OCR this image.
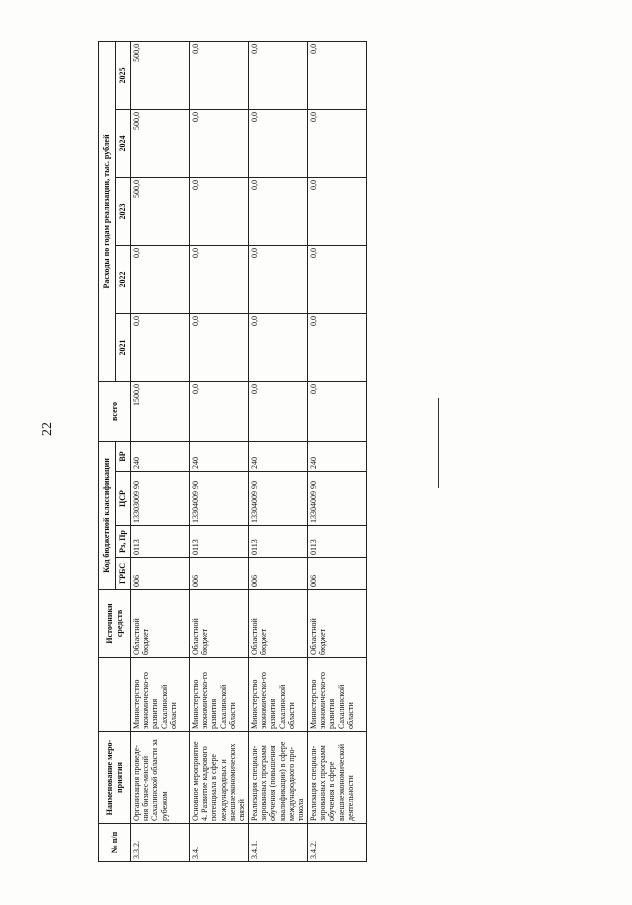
22
№ п/п	Наименование меро-приятия		Источники средств	Код бюджетной классификации				всего	Расходы по годам реализации, тыс. рублей				
				ГРБС	Рз, Пр	ЦСР	ВР		2021	2022	2023	2024	2025
3.3.2.	Организация проведе-ния бизнес-миссий Сахалинской области за рубежом	Министерство экономическо-го развития Сахалинской области	Областной бюджет	006	0113	13303009 90	240	1500,0	0,0	0,0	500,0	500,0	500,0
3.4.	Основное мероприятие 4. Развитие кадрового потенциала в сфере международных и внешнеэкономических связей	Министерство экономическо-го развития Сахалинской области	Областной бюджет	006	0113	13304009 90	240	0,0	0,0	0,0	0,0	0,0	0,0
3.4.1.	Реализация специали-зированных программ обучения (повышения квалификации) в сфере международного про-токола	Министерство экономическо-го развития Сахалинской области	Областной бюджет	006	0113	13304009 90	240	0,0	0,0	0,0	0,0	0,0	0,0
3.4.2.	Реализация специали-зированных программ обучения в сфере внешнеэкономической деятельности	Министерство экономическо-го развития Сахалинской области	Областной бюджет	006	0113	13304009 90	240	0,0	0,0	0,0	0,0	0,0	0,0
